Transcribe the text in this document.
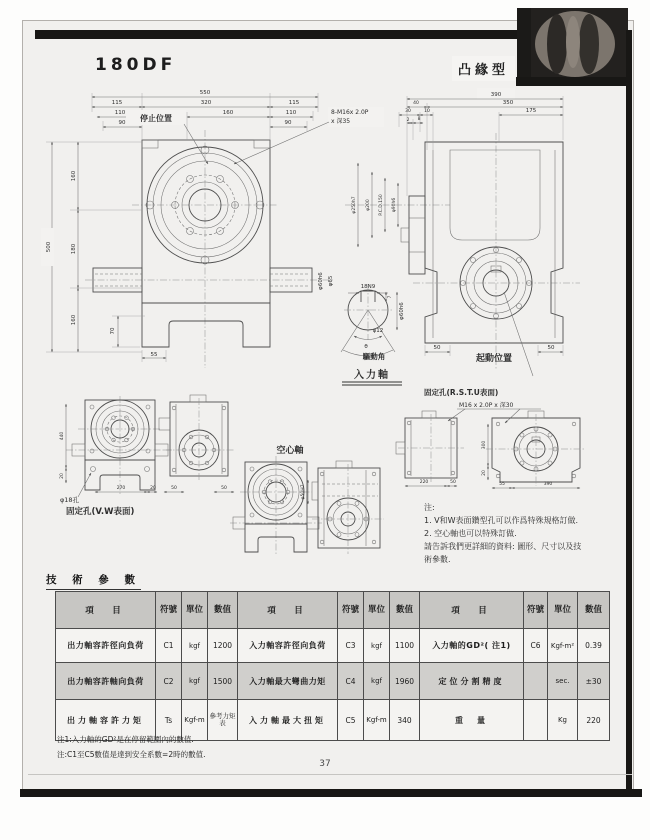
180DF	凸緣型
550
115	320	115
110	160	110
90	90
500
160
180
160
70
55
停止位置
8-M16x 2.0P
x 深35
φ60h6 φ65
18N9
7
φ60h6
φ12
θ
驅動角
入力軸
390
40	350
30	10	175
2 8
φ250h7 φ200 P.C.D.150 φ90h6
50	50
起動位置
440
20
270	20
φ18孔
固定孔(V.W表面)
50	50
空心軸
φ50H7
固定孔(R.S.T.U表面)
M16 x 2.0P x 深30
220	50
300
20
55	390
注:
1. V和W表面鑽型孔可以作爲特殊規格訂做.
2. 空心軸也可以特殊訂做.
請告訴我們更詳細的資料: 圖形、尺寸以及技
術參數.
技 術 參 數
項　目	符號	單位	數值	項　目	符號	單位	數值	項　目	符號	單位	數值
出力軸容許徑向負荷	C1	kgf	1200	入力軸容許徑向負荷	C3	kgf	1100	入力軸的GD²( 注1)	C6	Kgf-m²	0.39
出力軸容許軸向負荷	C2	kgf	1500	入力軸最大彎曲力矩	C4	kgf	1960	定位分割精度		sec.	±30
出力軸容許力矩	Ts	Kgf-m	參考力矩表	入力軸最大扭矩	C5	Kgf-m	340	重　量		Kg	220
注1:入力軸的GD²是在停留範圍內的數值.
注:C1至C5數值是達到安全系數=2時的數值.
37
